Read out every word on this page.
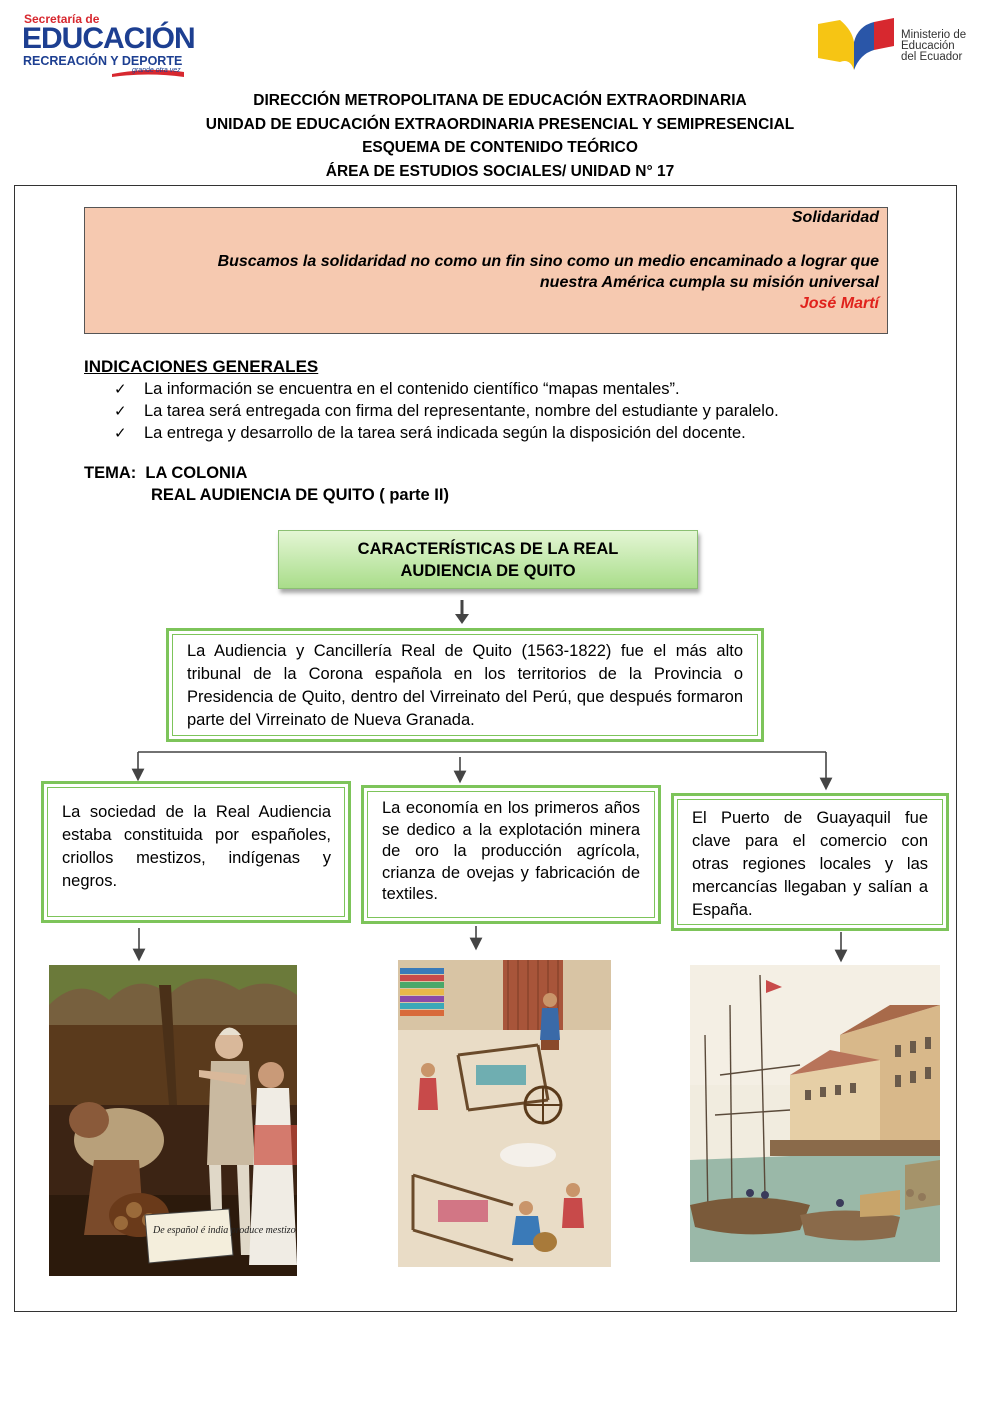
Secretaría de
EDUCACIÓN
RECREACIÓN Y DEPORTE
grande otra vez
Ministerio de
Educación
del Ecuador
DIRECCIÓN METROPOLITANA DE EDUCACIÓN EXTRAORDINARIA
UNIDAD DE EDUCACIÓN EXTRAORDINARIA PRESENCIAL Y SEMIPRESENCIAL
ESQUEMA DE CONTENIDO TEÓRICO
ÁREA DE ESTUDIOS SOCIALES/ UNIDAD N° 17
Solidaridad
Buscamos la solidaridad no como un fin sino como un medio encaminado a lograr que
nuestra América cumpla su misión universal
José Martí
INDICACIONES GENERALES
✓ La información se encuentra en el contenido científico “mapas mentales”.
✓ La tarea será entregada con firma del representante, nombre del estudiante y paralelo.
✓ La entrega y desarrollo de la tarea será indicada según la disposición del docente.
TEMA: LA COLONIA
REAL AUDIENCIA DE QUITO ( parte II)
CARACTERÍSTICAS DE LA REAL
AUDIENCIA DE QUITO
La Audiencia y Cancillería Real de Quito (1563-1822) fue el más alto tribunal de la Corona española en los territorios de la Provincia o Presidencia de Quito, dentro del Virreinato del Perú, que después formaron parte del Virreinato de Nueva Granada.
La sociedad de la Real Audiencia estaba constituida por españoles, criollos mestizos, indígenas y negros.
La economía en los primeros años se dedico a la explotación minera de oro la producción agrícola, crianza de ovejas y fabricación de textiles.
El Puerto de Guayaquil fue clave para el comercio con otras regiones locales y las mercancías llegaban y salían a España.
De español é india produce mestizo
